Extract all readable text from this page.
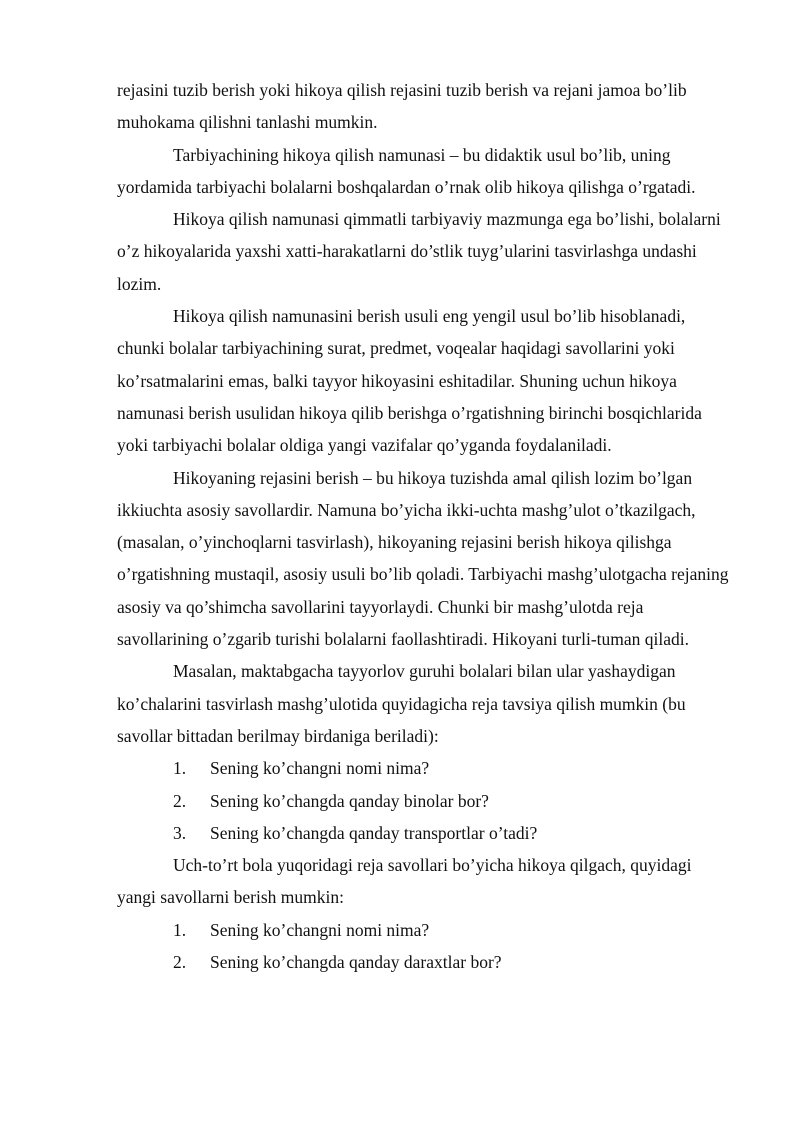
rejasini tuzib berish yoki hikoya qilish rejasini tuzib berish va rejani jamoa bo’lib muhokama qilishni tanlashi mumkin.

Tarbiyachining hikoya qilish namunasi – bu didaktik usul bo’lib, uning yordamida tarbiyachi bolalarni boshqalardan o’rnak olib hikoya qilishga o’rgatadi.

Hikoya qilish namunasi qimmatli tarbiyaviy mazmunga ega bo’lishi, bolalarni o’z hikoyalarida yaxshi xatti-harakatlarni do’stlik tuyg’ularini tasvirlashga undashi lozim.

Hikoya qilish namunasini berish usuli eng yengil usul bo’lib hisoblanadi, chunki bolalar tarbiyachining surat, predmet, voqealar haqidagi savollarini yoki ko’rsatmalarini emas, balki tayyor hikoyasini eshitadilar. Shuning uchun hikoya namunasi berish usulidan hikoya qilib berishga o’rgatishning birinchi bosqichlarida yoki tarbiyachi bolalar oldiga yangi vazifalar qo’yganda foydalaniladi.

Hikoyaning rejasini berish – bu hikoya tuzishda amal qilish lozim bo’lgan ikkiuchta asosiy savollardir. Namuna bo’yicha ikki-uchta mashg’ulot o’tkazilgach, (masalan, o’yinchoqlarni tasvirlash), hikoyaning rejasini berish hikoya qilishga o’rgatishning mustaqil, asosiy usuli bo’lib qoladi. Tarbiyachi mashg’ulotgacha rejaning asosiy va qo’shimcha savollarini tayyorlaydi. Chunki bir mashg’ulotda reja savollarining o’zgarib turishi bolalarni faollashtiradi. Hikoyani turli-tuman qiladi.

Masalan, maktabgacha tayyorlov guruhi bolalari bilan ular yashaydigan ko’chalarini tasvirlash mashg’ulotida quyidagicha reja tavsiya qilish mumkin (bu savollar bittadan berilmay birdaniga beriladi):

1.	Sening ko’changni nomi nima?
2.	Sening ko’changda qanday binolar bor?
3.	Sening ko’changda qanday transportlar o’tadi?

Uch-to’rt bola yuqoridagi reja savollari bo’yicha hikoya qilgach, quyidagi yangi savollarni berish mumkin:

1.	Sening ko’changni nomi nima?
2.	Sening ko’changda qanday daraxtlar bor?
